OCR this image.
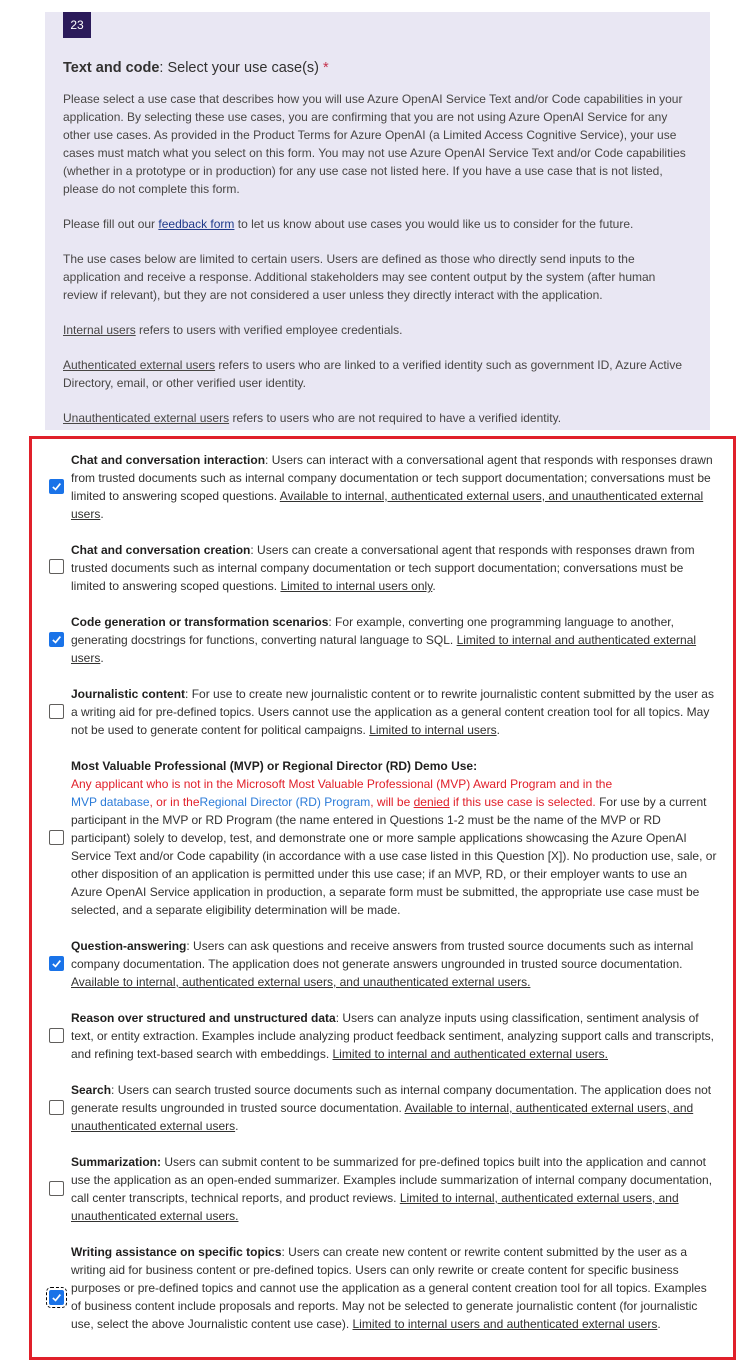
23
Text and code: Select your use case(s) *

Please select a use case that describes how you will use Azure OpenAI Service Text and/or Code capabilities in your application. By selecting these use cases, you are confirming that you are not using Azure OpenAI Service for any other use cases. As provided in the Product Terms for Azure OpenAI (a Limited Access Cognitive Service), your use cases must match what you select on this form. You may not use Azure OpenAI Service Text and/or Code capabilities (whether in a prototype or in production) for any use case not listed here. If you have a use case that is not listed, please do not complete this form.

Please fill out our feedback form to let us know about use cases you would like us to consider for the future.

The use cases below are limited to certain users. Users are defined as those who directly send inputs to the application and receive a response. Additional stakeholders may see content output by the system (after human review if relevant), but they are not considered a user unless they directly interact with the application.

Internal users refers to users with verified employee credentials.

Authenticated external users refers to users who are linked to a verified identity such as government ID, Azure Active Directory, email, or other verified user identity.

Unauthenticated external users refers to users who are not required to have a verified identity.

Chat and conversation interaction: Users can interact with a conversational agent that responds with responses drawn from trusted documents such as internal company documentation or tech support documentation; conversations must be limited to answering scoped questions. Available to internal, authenticated external users, and unauthenticated external users.
Chat and conversation creation: Users can create a conversational agent that responds with responses drawn from trusted documents such as internal company documentation or tech support documentation; conversations must be limited to answering scoped questions. Limited to internal users only.
Code generation or transformation scenarios: For example, converting one programming language to another, generating docstrings for functions, converting natural language to SQL. Limited to internal and authenticated external users.
Journalistic content: For use to create new journalistic content or to rewrite journalistic content submitted by the user as a writing aid for pre-defined topics. Users cannot use the application as a general content creation tool for all topics. May not be used to generate content for political campaigns. Limited to internal users.
Most Valuable Professional (MVP) or Regional Director (RD) Demo Use:
Any applicant who is not in the Microsoft Most Valuable Professional (MVP) Award Program and in the
MVP database, or in theRegional Director (RD) Program, will be denied if this use case is selected. For use by a current participant in the MVP or RD Program (the name entered in Questions 1-2 must be the name of the MVP or RD participant) solely to develop, test, and demonstrate one or more sample applications showcasing the Azure OpenAI Service Text and/or Code capability (in accordance with a use case listed in this Question [X]). No production use, sale, or other disposition of an application is permitted under this use case; if an MVP, RD, or their employer wants to use an Azure OpenAI Service application in production, a separate form must be submitted, the appropriate use case must be selected, and a separate eligibility determination will be made.
Question-answering: Users can ask questions and receive answers from trusted source documents such as internal company documentation. The application does not generate answers ungrounded in trusted source documentation. Available to internal, authenticated external users, and unauthenticated external users.
Reason over structured and unstructured data: Users can analyze inputs using classification, sentiment analysis of text, or entity extraction. Examples include analyzing product feedback sentiment, analyzing support calls and transcripts, and refining text-based search with embeddings. Limited to internal and authenticated external users.
Search: Users can search trusted source documents such as internal company documentation. The application does not generate results ungrounded in trusted source documentation. Available to internal, authenticated external users, and unauthenticated external users.
Summarization: Users can submit content to be summarized for pre-defined topics built into the application and cannot use the application as an open-ended summarizer. Examples include summarization of internal company documentation, call center transcripts, technical reports, and product reviews. Limited to internal, authenticated external users, and unauthenticated external users.
Writing assistance on specific topics: Users can create new content or rewrite content submitted by the user as a writing aid for business content or pre-defined topics. Users can only rewrite or create content for specific business purposes or pre-defined topics and cannot use the application as a general content creation tool for all topics. Examples of business content include proposals and reports. May not be selected to generate journalistic content (for journalistic use, select the above Journalistic content use case). Limited to internal users and authenticated external users.
